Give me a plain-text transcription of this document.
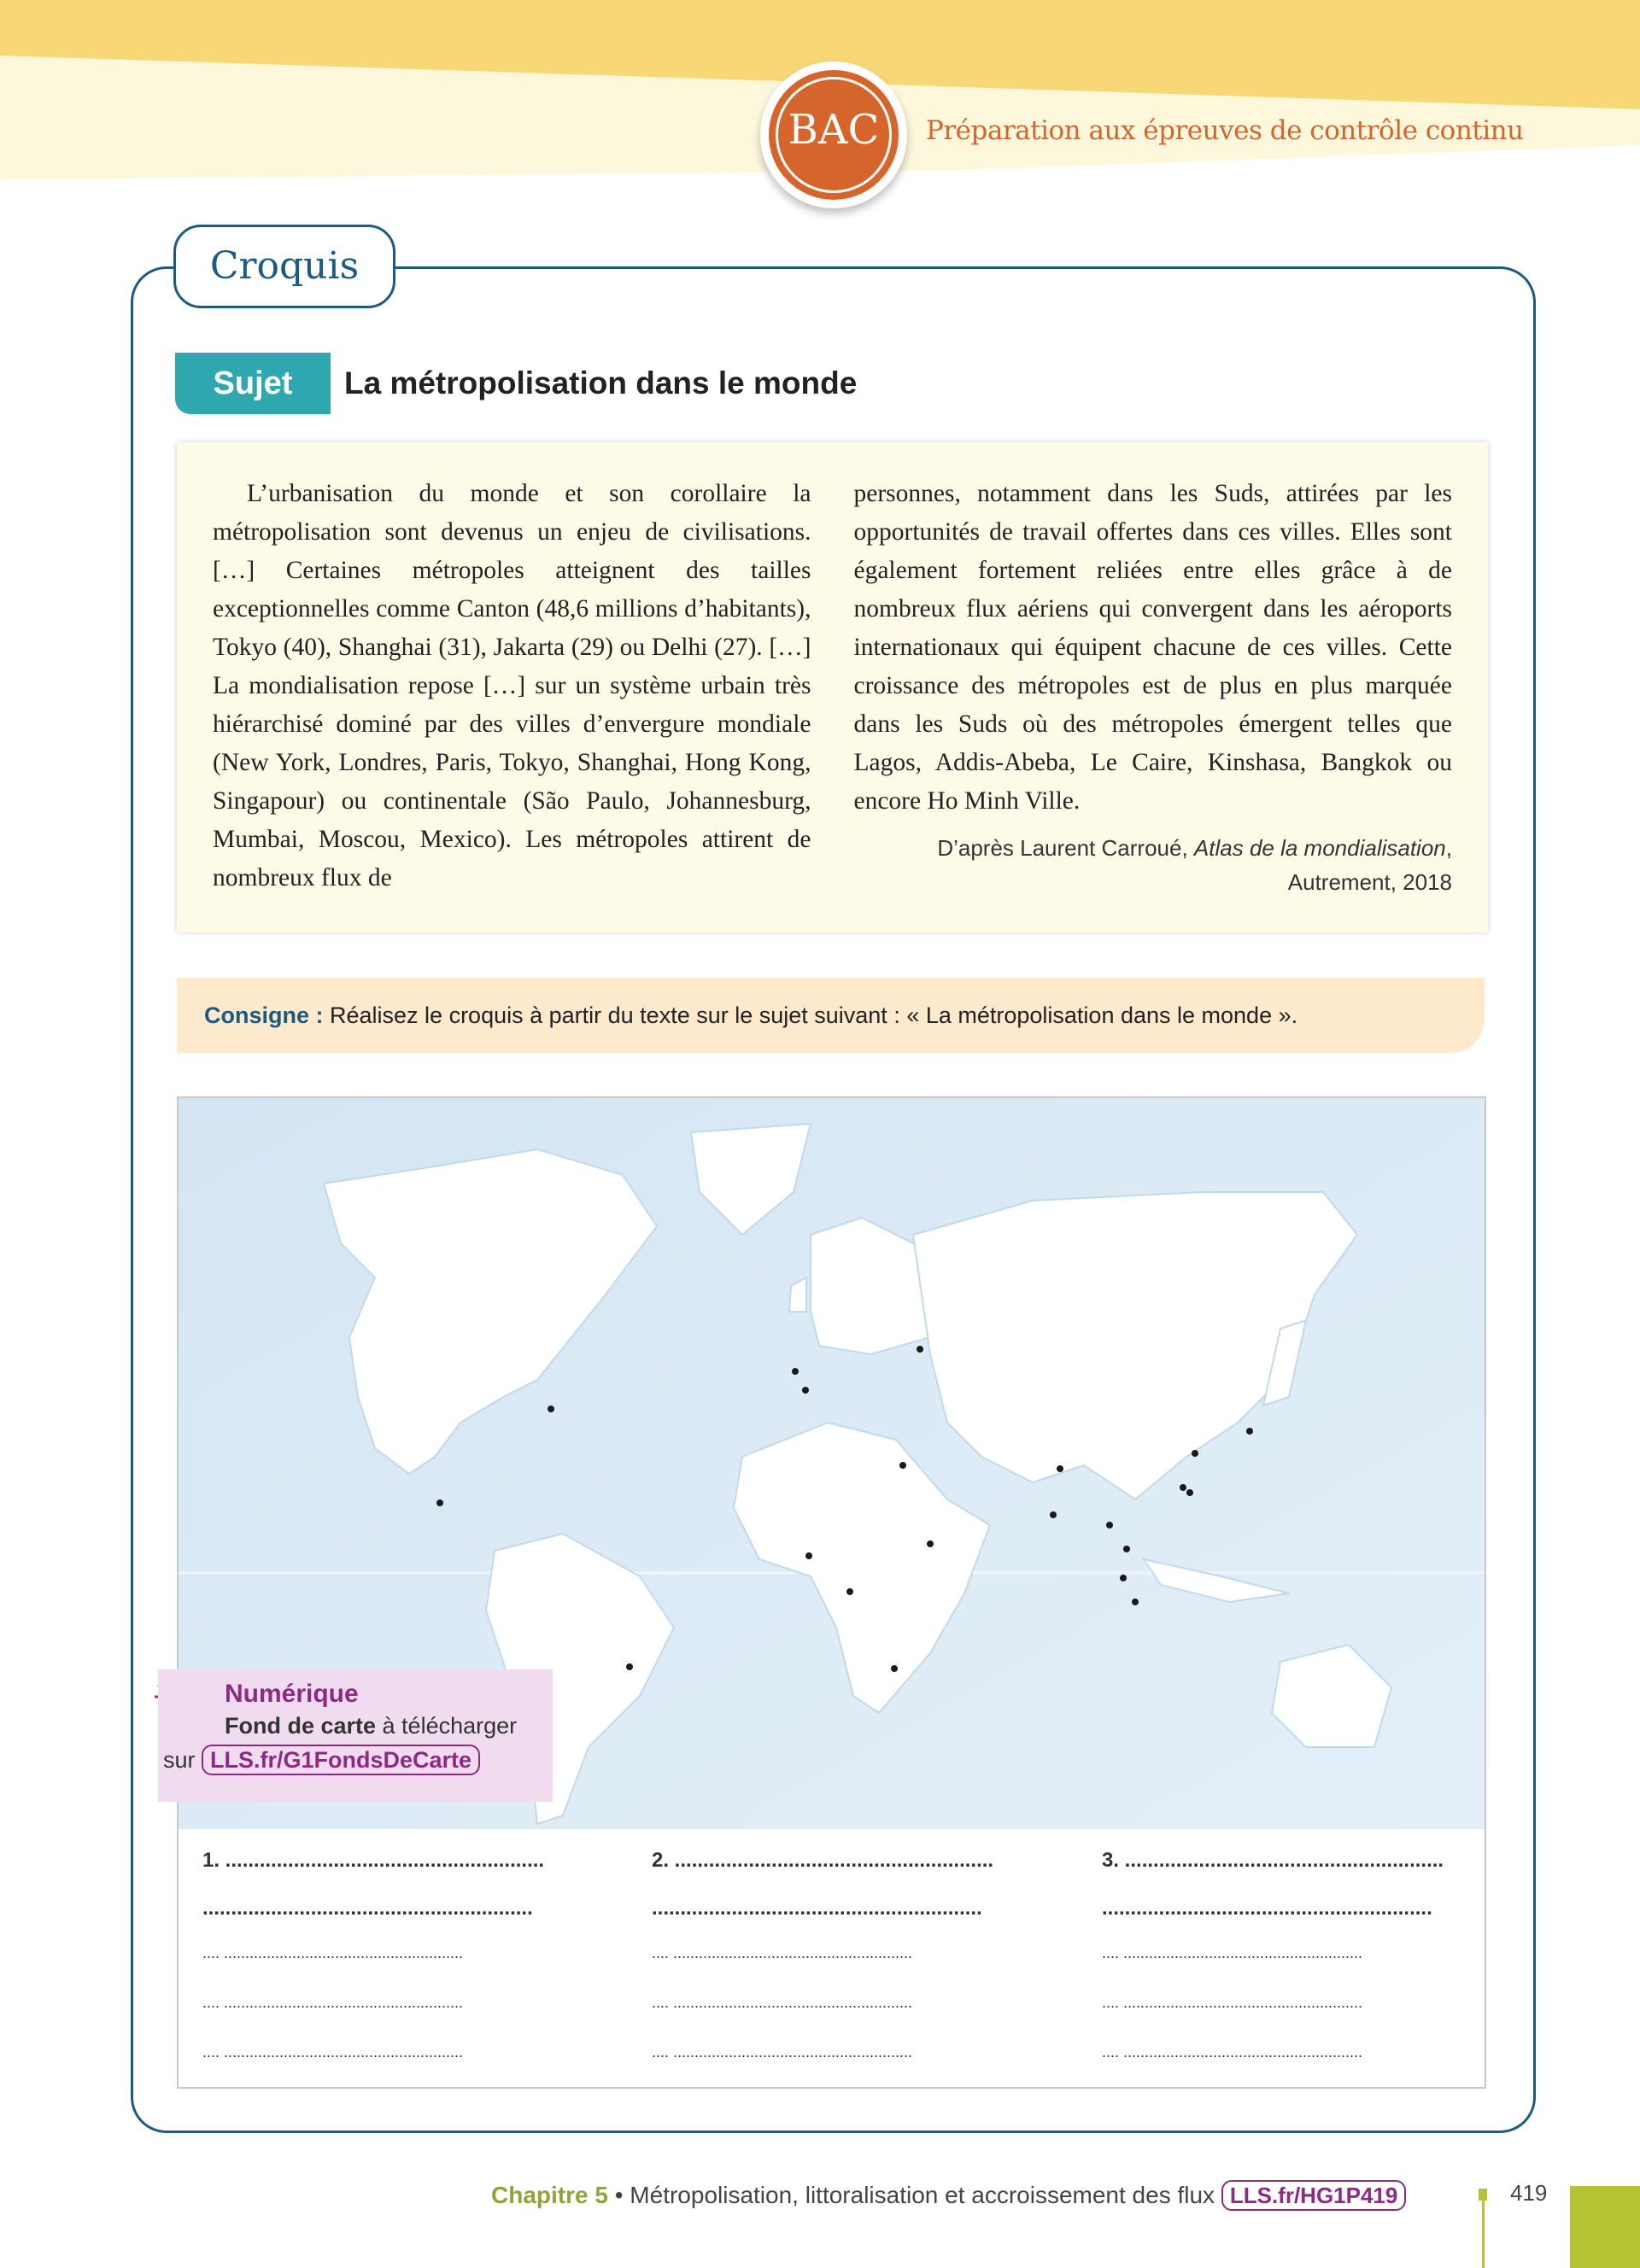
BAC	Préparation aux épreuves de contrôle continu
Croquis
Sujet	La métropolisation dans le monde
L’urbanisation du monde et son corollaire la métropolisation sont devenus un enjeu de civilisations. […] Certaines métropoles atteignent des tailles exceptionnelles comme Canton (48,6 millions d’habitants), Tokyo (40), Shanghai (31), Jakarta (29) ou Delhi (27). […] La mondialisation repose […] sur un système urbain très hiérarchisé dominé par des villes d’envergure mondiale (New York, Londres, Paris, Tokyo, Shanghai, Hong Kong, Singapour) ou continentale (São Paulo, Johannesburg, Mumbai, Moscou, Mexico). Les métropoles attirent de nombreux flux de
personnes, notamment dans les Suds, attirées par les opportunités de travail offertes dans ces villes. Elles sont également fortement reliées entre elles grâce à de nombreux flux aériens qui convergent dans les aéroports internationaux qui équipent chacune de ces villes. Cette croissance des métropoles est de plus en plus marquée dans les Suds où des métropoles émergent telles que Lagos, Addis-Abeba, Le Caire, Kinshasa, Bangkok ou encore Ho Minh Ville.
D’après Laurent Carroué, Atlas de la mondialisation, Autrement, 2018
Consigne : Réalisez le croquis à partir du texte sur le sujet suivant : « La métropolisation dans le monde ».
Numérique
Fond de carte à télécharger
sur LLS.fr/G1FondsDeCarte
1. ........................................................
..........................................................
.... ........................................................
.... ........................................................
.... ........................................................
2. ........................................................
..........................................................
.... ........................................................
.... ........................................................
.... ........................................................
3. ........................................................
..........................................................
.... ........................................................
.... ........................................................
.... ........................................................
Chapitre 5 • Métropolisation, littoralisation et accroissement des flux LLS.fr/HG1P419	419
